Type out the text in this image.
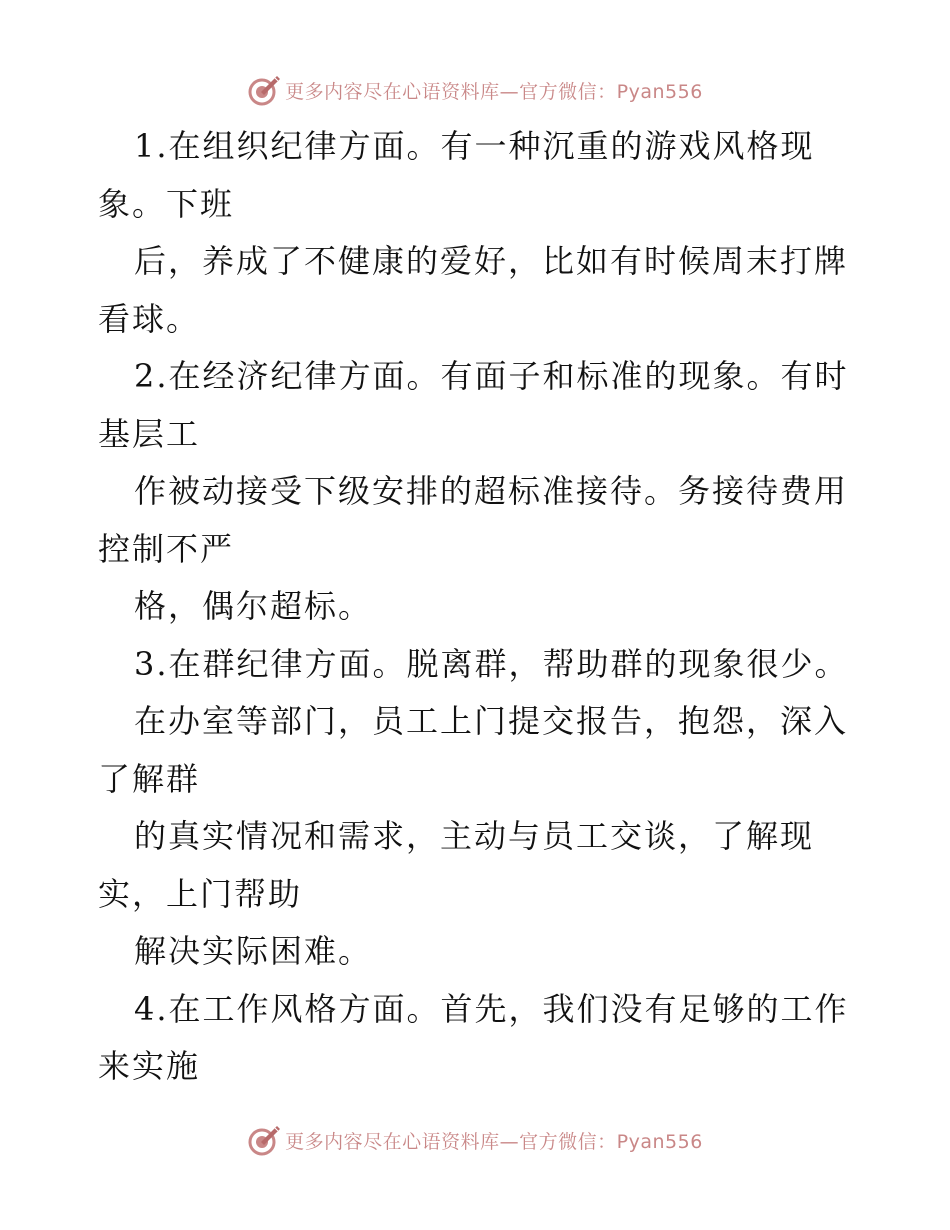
更多内容尽在心语资料库—官方微信：Pyan556
1.在组织纪律方面。有一种沉重的游戏风格现
象。下班
后，养成了不健康的爱好，比如有时候周末打牌
看球。
2.在经济纪律方面。有面子和标准的现象。有时
基层工
作被动接受下级安排的超标准接待。务接待费用
控制不严
格，偶尔超标。
3.在群纪律方面。脱离群，帮助群的现象很少。
在办室等部门，员工上门提交报告，抱怨，深入
了解群
的真实情况和需求，主动与员工交谈，了解现
实，上门帮助
解决实际困难。
4.在工作风格方面。首先，我们没有足够的工作
来实施
更多内容尽在心语资料库—官方微信：Pyan556
